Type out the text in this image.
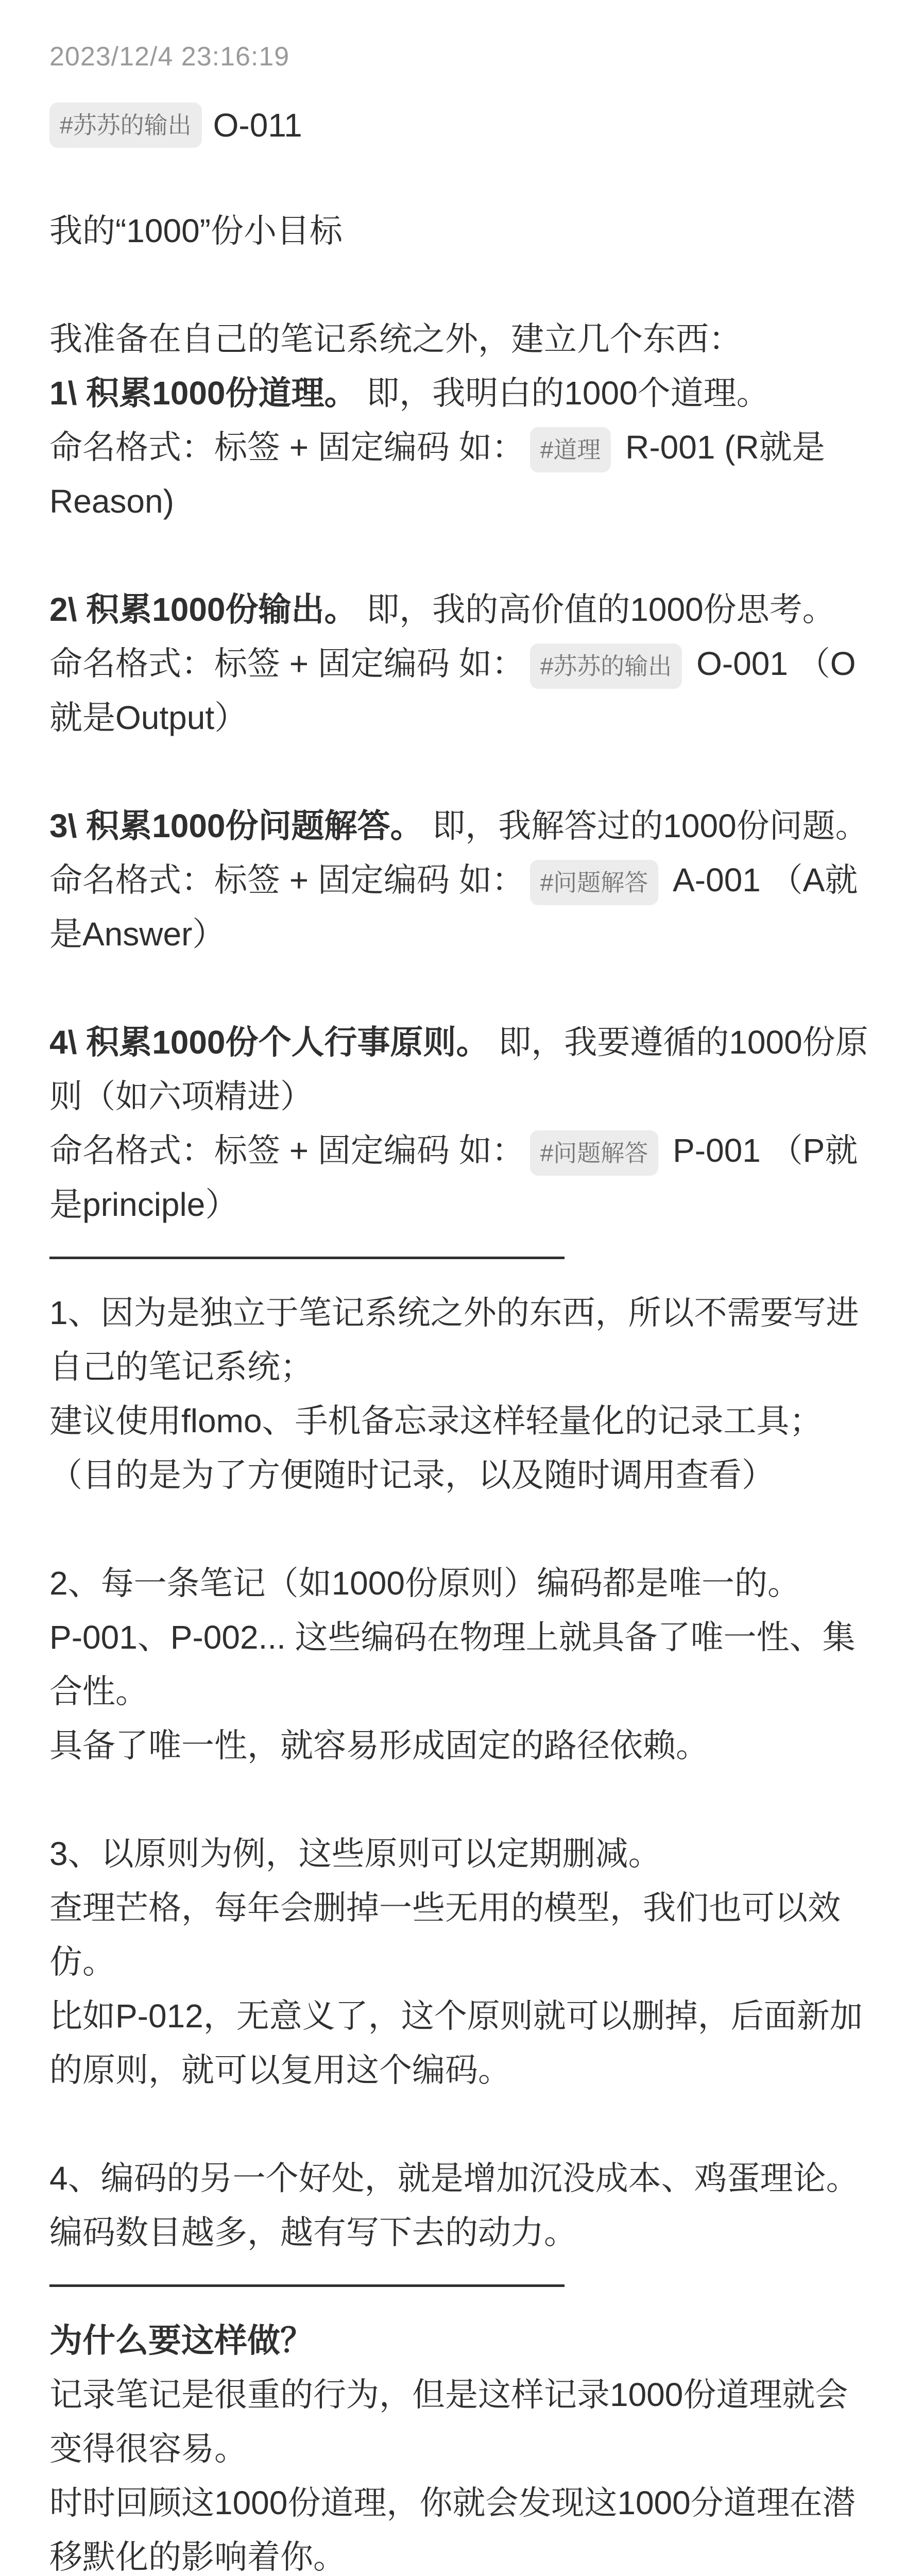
2023/12/4 23:16:19
#苏苏的输出 O-011

我的“1000”份小目标

我准备在自己的笔记系统之外，建立几个东西：

1\ 积累1000份道理。 即，我明白的1000个道理。

命名格式：标签 + 固定编码 如： #道理 R-001 (R就是Reason)

2\ 积累1000份输出。 即，我的高价值的1000份思考。

命名格式：标签 + 固定编码 如： #苏苏的输出 O-001 （O就是Output）

3\ 积累1000份问题解答。 即，我解答过的1000份问题。

命名格式：标签 + 固定编码 如： #问题解答 A-001 （A就是Answer）

4\ 积累1000份个人行事原则。 即，我要遵循的1000份原则（如六项精进）

命名格式：标签 + 固定编码 如： #问题解答 P-001 （P就是principle）

1、因为是独立于笔记系统之外的东西，所以不需要写进自己的笔记系统；

建议使用flomo、手机备忘录这样轻量化的记录工具；

（目的是为了方便随时记录，以及随时调用查看）

2、每一条笔记（如1000份原则）编码都是唯一的。

P-001、P-002... 这些编码在物理上就具备了唯一性、集合性。

具备了唯一性，就容易形成固定的路径依赖。

3、以原则为例，这些原则可以定期删减。

查理芒格，每年会删掉一些无用的模型，我们也可以效仿。

比如P-012，无意义了，这个原则就可以删掉，后面新加的原则，就可以复用这个编码。

4、编码的另一个好处，就是增加沉没成本、鸡蛋理论。

编码数目越多，越有写下去的动力。

为什么要这样做？

记录笔记是很重的行为，但是这样记录1000份道理就会变得很容易。

时时回顾这1000份道理，你就会发现这1000分道理在潜移默化的影响着你。
